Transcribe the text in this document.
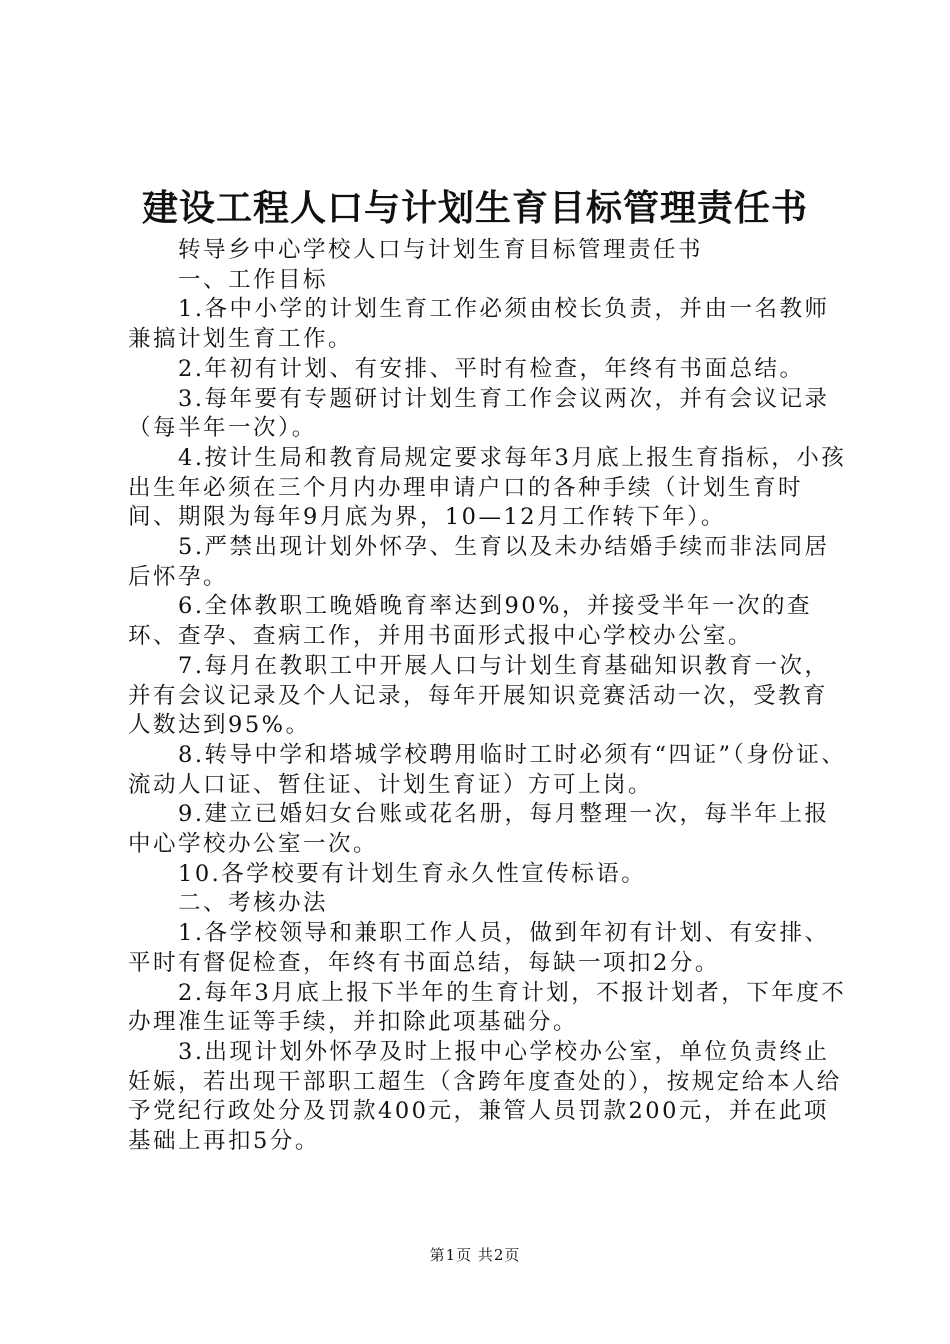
建设工程人口与计划生育目标管理责任书

转导乡中心学校人口与计划生育目标管理责任书

一、工作目标

1.各中小学的计划生育工作必须由校长负责，并由一名教师兼搞计划生育工作。

2.年初有计划、有安排、平时有检查，年终有书面总结。

3.每年要有专题研讨计划生育工作会议两次，并有会议记录（每半年一次）。

4.按计生局和教育局规定要求每年3月底上报生育指标，小孩出生年必须在三个月内办理申请户口的各种手续（计划生育时间、期限为每年9月底为界，10—12月工作转下年）。

5.严禁出现计划外怀孕、生育以及未办结婚手续而非法同居后怀孕。

6.全体教职工晚婚晚育率达到90%，并接受半年一次的查环、查孕、查病工作，并用书面形式报中心学校办公室。

7.每月在教职工中开展人口与计划生育基础知识教育一次，并有会议记录及个人记录，每年开展知识竞赛活动一次，受教育人数达到95%。

8.转导中学和塔城学校聘用临时工时必须有“四证”（身份证、流动人口证、暂住证、计划生育证）方可上岗。

9.建立已婚妇女台账或花名册，每月整理一次，每半年上报中心学校办公室一次。

10.各学校要有计划生育永久性宣传标语。

二、考核办法

1.各学校领导和兼职工作人员，做到年初有计划、有安排、平时有督促检查，年终有书面总结，每缺一项扣2分。

2.每年3月底上报下半年的生育计划，不报计划者，下年度不办理准生证等手续，并扣除此项基础分。

3.出现计划外怀孕及时上报中心学校办公室，单位负责终止妊娠，若出现干部职工超生（含跨年度查处的），按规定给本人给予党纪行政处分及罚款400元，兼管人员罚款200元，并在此项基础上再扣5分。

第1页 共2页
